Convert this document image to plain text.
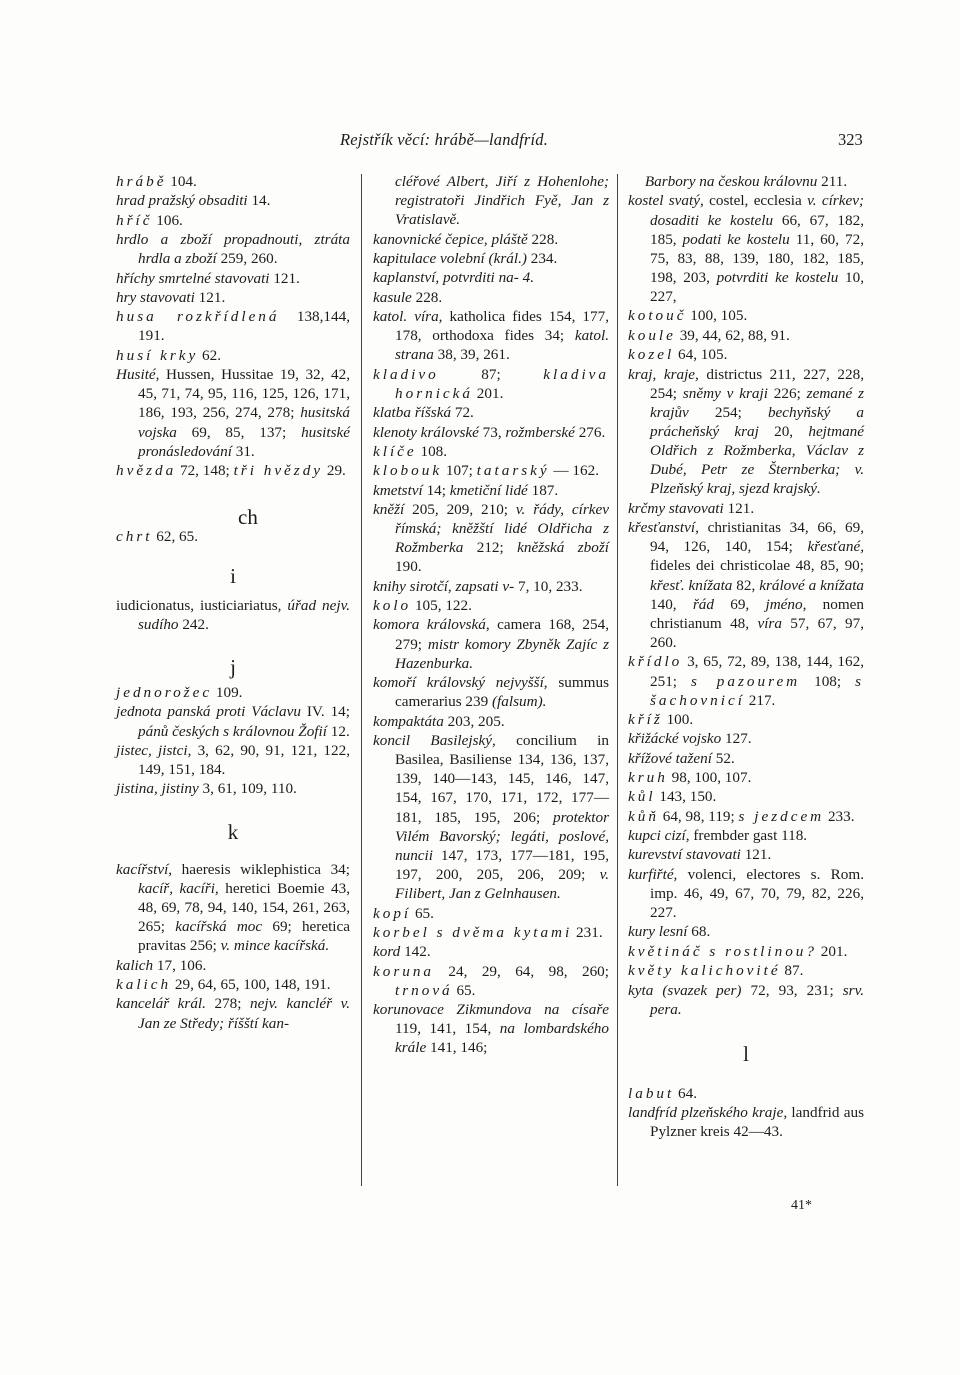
Rejstřík věcí: hrábě—landfríd.	323
hrábě 104.
hrad pražský obsaditi 14.
hříč 106.
hrdlo a zboží propadnouti, ztráta hrdla a zboží 259, 260.
hříchy smrtelné stavovati 121.
hry stavovati 121.
husa rozkřídlená 138,144, 191.
husí krky 62.
Husité, Hussen, Hussitae 19, 32, 42, 45, 71, 74, 95, 116, 125, 126, 171, 186, 193, 256, 274, 278; husitská vojska 69, 85, 137; husitské pronásledování 31.
hvězda 72, 148; tři hvězdy 29.
ch
chrt 62, 65.
i
iudicionatus, iusticiariatus, úřad nejv. sudího 242.
j
jednorožec 109.
jednota panská proti Václavu IV. 14; pánů českých s královnou Žofií 12.
jistec, jistci, 3, 62, 90, 91, 121, 122, 149, 151, 184.
jistina, jistiny 3, 61, 109, 110.
k
kacířství, haeresis wiklephistica 34; kacíř, kacíři, heretici Boemie 43, 48, 69, 78, 94, 140, 154, 261, 263, 265; kacířská moc 69; heretica pravitas 256; v. mince kacířská.
kalich 17, 106.
kalich 29, 64, 65, 100, 148, 191.
kancelář král. 278; nejv. kancléř v. Jan ze Středy; říšští kan-
cléřové Albert, Jiří z Hohenlohe; registratoři Jindřich Fyě, Jan z Vratislavě.
kanovnické čepice, pláště 228.
kapitulace volební (král.) 234.
kaplanství, potvrditi na- 4.
kasule 228.
katol. víra, katholica fides 154, 177, 178, orthodoxa fides 34; katol. strana 38, 39, 261.
kladivo 87; kladiva hornická 201.
klatba říšská 72.
klenoty královské 73, rožmberské 276.
klíče 108.
klobouk 107; tatarský — 162.
kmetství 14; kmetiční lidé 187.
kněží 205, 209, 210; v. řády, církev římská; kněžští lidé Oldřicha z Rožmberka 212; kněžská zboží 190.
knihy sirotčí, zapsati v- 7, 10, 233.
kolo 105, 122.
komora královská, camera 168, 254, 279; mistr komory Zbyněk Zajíc z Hazenburka.
komoří královský nejvyšší, summus camerarius 239 (falsum).
kompaktáta 203, 205.
koncil Basilejský, concilium in Basilea, Basiliense 134, 136, 137, 139, 140—143, 145, 146, 147, 154, 167, 170, 171, 172, 177—181, 185, 195, 206; protektor Vilém Bavorský; legáti, poslové, nuncii 147, 173, 177—181, 195, 197, 200, 205, 206, 209; v. Filibert, Jan z Gelnhausen.
kopí 65.
korbel s dvěma kytami 231.
kord 142.
koruna 24, 29, 64, 98, 260; trnová 65.
korunovace Zikmundova na císaře 119, 141, 154, na lombardského krále 141, 146;
Barbory na českou královnu 211.
kostel svatý, costel, ecclesia v. církev; dosaditi ke kostelu 66, 67, 182, 185, podati ke kostelu 11, 60, 72, 75, 83, 88, 139, 180, 182, 185, 198, 203, potvrditi ke kostelu 10, 227,
kotouč 100, 105.
koule 39, 44, 62, 88, 91.
kozel 64, 105.
kraj, kraje, districtus 211, 227, 228, 254; sněmy v kraji 226; zemané z krajův 254; bechyňský a prácheňský kraj 20, hejtmané Oldřich z Rožmberka, Václav z Dubé, Petr ze Šternberka; v. Plzeňský kraj, sjezd krajský.
krčmy stavovati 121.
křesťanství, christianitas 34, 66, 69, 94, 126, 140, 154; křesťané, fideles dei christicolae 48, 85, 90; křesť. knížata 82, králové a knížata 140, řád 69, jméno, nomen christianum 48, víra 57, 67, 97, 260.
křídlo 3, 65, 72, 89, 138, 144, 162, 251; s pazourem 108; s šachovnicí 217.
kříž 100.
křižácké vojsko 127.
křížové tažení 52.
kruh 98, 100, 107.
kůl 143, 150.
kůň 64, 98, 119; s jezdcem 233.
kupci cizí, frembder gast 118.
kurevství stavovati 121.
kurfiřté, volenci, electores s. Rom. imp. 46, 49, 67, 70, 79, 82, 226, 227.
kury lesní 68.
květináč s rostlinou? 201.
květy kalichovité 87.
kyta (svazek per) 72, 93, 231; srv. pera.
l
labut 64.
landfríd plzeňského kraje, landfrid aus Pylzner kreis 42—43.
41*
